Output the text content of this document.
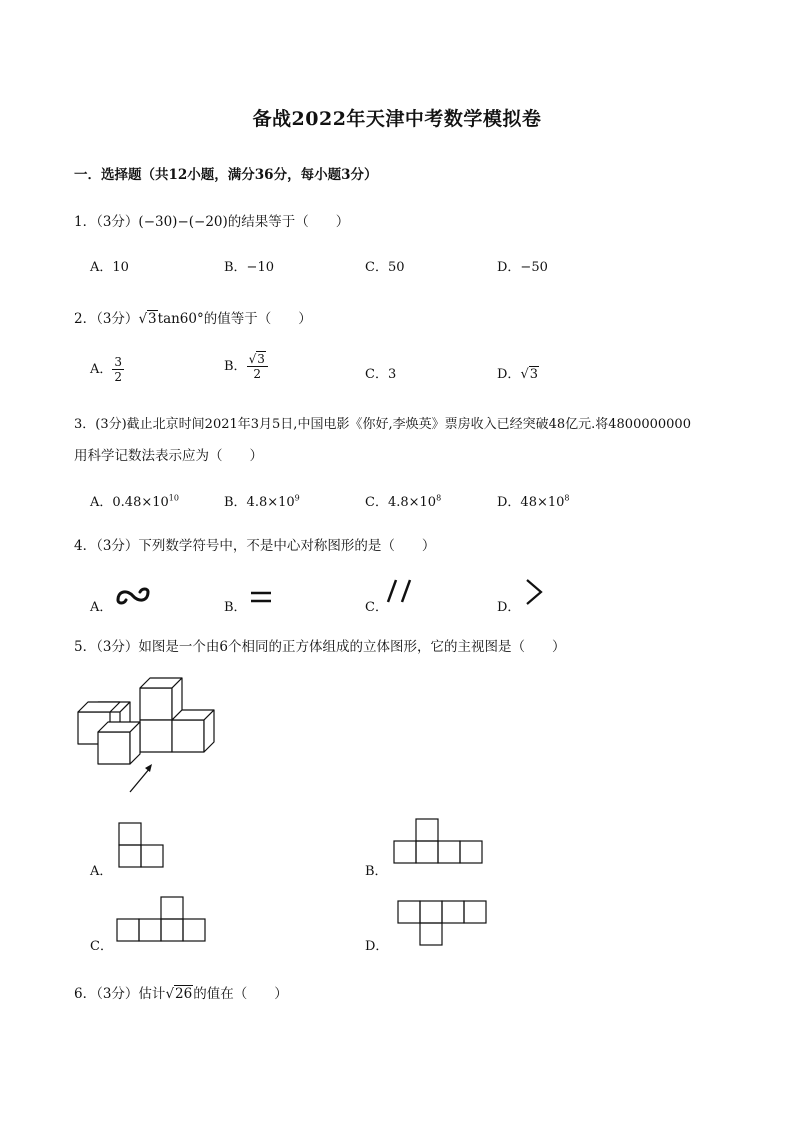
备战2022年天津中考数学模拟卷
一．选择题（共12小题，满分36分，每小题3分）
1．（3分）(−30)−(−20)的结果等于（　　）
A．10	B．−10	C．50	D．−50
2．（3分）√3tan60°的值等于（　　）
A． $\frac{3}{2}$	B． $\frac{√3}{2}$	C．3	D．√3
3．(3分)截止北京时间2021年3月5日,中国电影《你好,李焕英》票房收入已经突破48亿元.将4800000000
用科学记数法表示应为（　　）
A．$0.48\times 10^{10}$	B．$4.8\times 10^9$	C．$4.8\times 10^8$	D．$48\times 10^8$
4．（3分）下列数学符号中，不是中心对称图形的是（　　）
A．	B．	C．	D．
5．（3分）如图是一个由6个相同的正方体组成的立体图形，它的主视图是（　　）
A．	B．
C．	D．
6．（3分）估计√26的值在（　　）
